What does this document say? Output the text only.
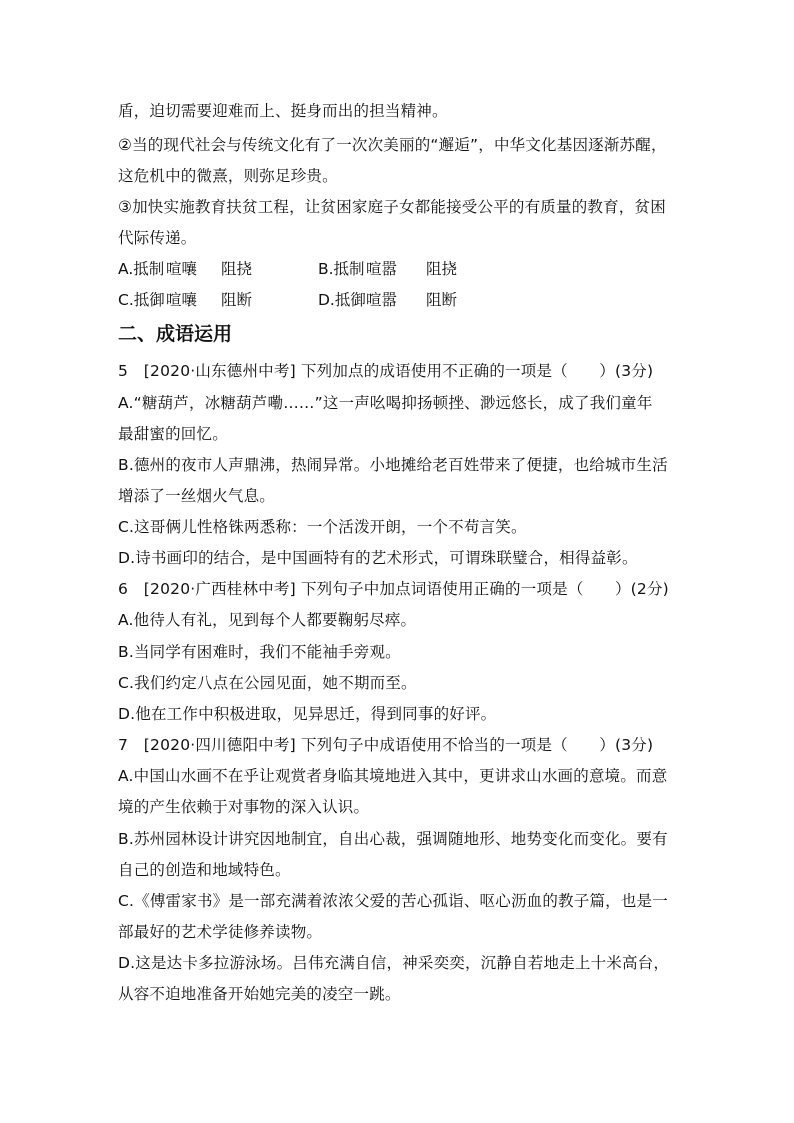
盾，迫切需要迎难而上、挺身而出的担当精神。
②当的现代社会与传统文化有了一次次美丽的“邂逅”，中华文化基因逐渐苏醒，
这危机中的微熹，则弥足珍贵。
③加快实施教育扶贫工程，让贫困家庭子女都能接受公平的有质量的教育，贫困
代际传递。
A.抵制 喧嚷 阻挠	B.抵制喧嚣 阻挠
C.抵御喧嚷 阻断	D.抵御喧嚣 阻断
二、成语运用
5　[2020·山东德州中考] 下列加点的成语使用不正确的一项是（　　）(3分)
A.“糖葫芦，冰糖葫芦嘞……”这一声吆喝抑扬顿挫、渺远悠长，成了我们童年
最甜蜜的回忆。
B.德州的夜市人声鼎沸，热闹异常。小地摊给老百姓带来了便捷，也给城市生活
增添了一丝烟火气息。
C.这哥俩儿性格铢两悉称：一个活泼开朗，一个不苟言笑。
D.诗书画印的结合，是中国画特有的艺术形式，可谓珠联璧合，相得益彰。
6　[2020·广西桂林中考] 下列句子中加点词语使用正确的一项是（　　）(2分)
A.他待人有礼，见到每个人都要鞠躬尽瘁。
B.当同学有困难时，我们不能袖手旁观。
C.我们约定八点在公园见面，她不期而至。
D.他在工作中积极进取，见异思迁，得到同事的好评。
7　[2020·四川德阳中考] 下列句子中成语使用不恰当的一项是（　　）(3分)
A.中国山水画不在乎让观赏者身临其境地进入其中，更讲求山水画的意境。而意
境的产生依赖于对事物的深入认识。
B.苏州园林设计讲究因地制宜，自出心裁，强调随地形、地势变化而变化。要有
自己的创造和地域特色。
C.《傅雷家书》是一部充满着浓浓父爱的苦心孤诣、呕心沥血的教子篇，也是一
部最好的艺术学徒修养读物。
D.这是达卡多拉游泳场。吕伟充满自信，神采奕奕，沉静自若地走上十米高台，
从容不迫地准备开始她完美的凌空一跳。
